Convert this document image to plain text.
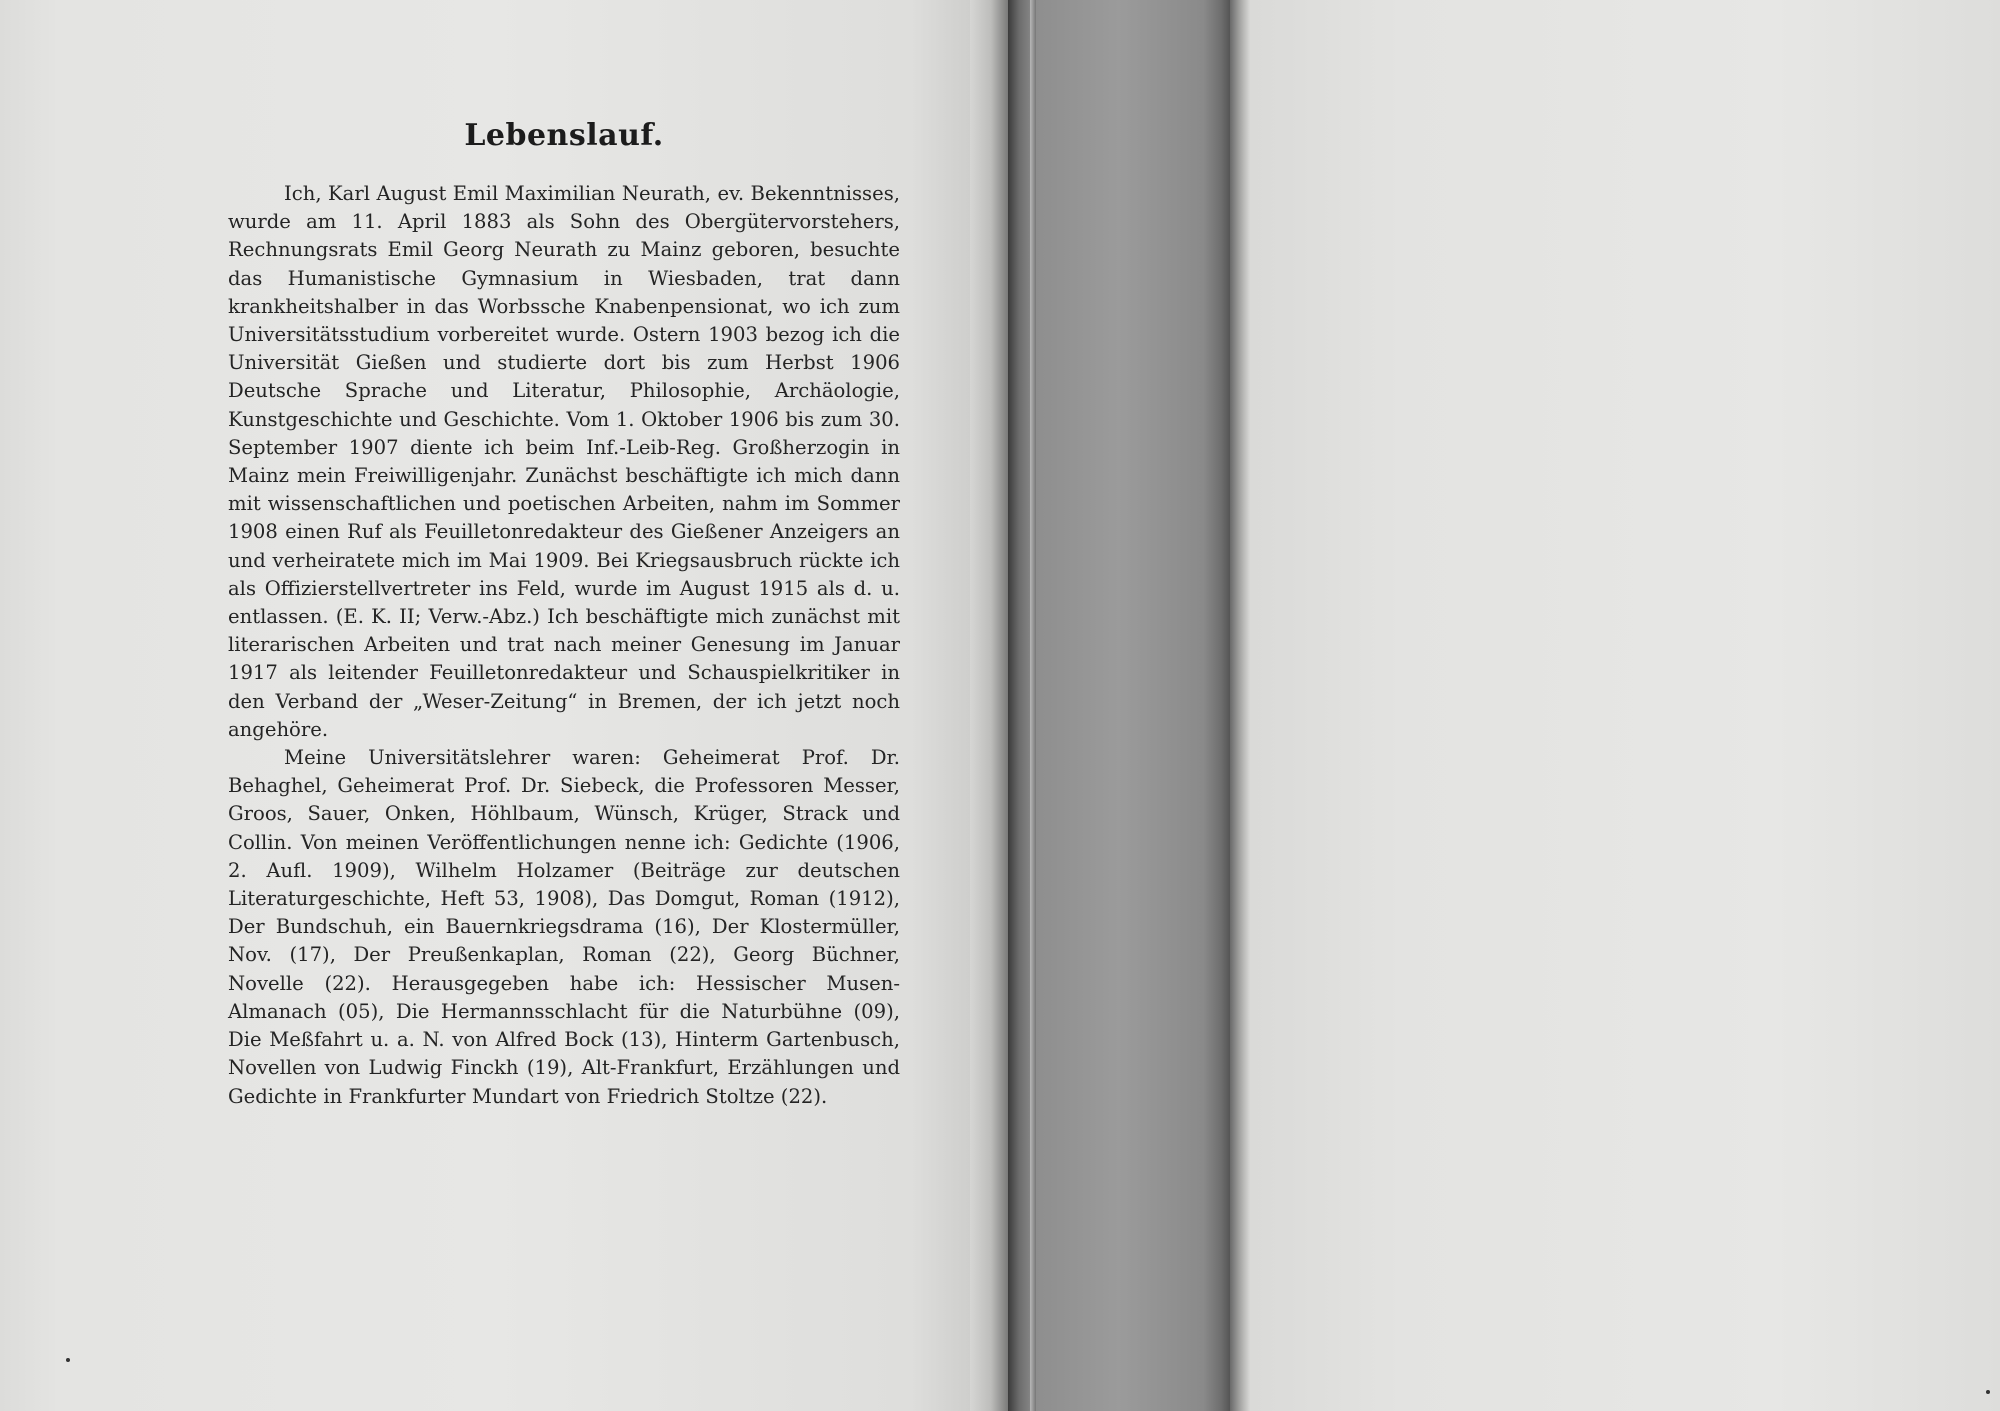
Lebenslauf.

Ich, Karl August Emil Maximilian Neurath, ev. Bekenntnisses, wurde am 11. April 1883 als Sohn des Obergütervorstehers, Rechnungsrats Emil Georg Neurath zu Mainz geboren, besuchte das Humanistische Gymnasium in Wiesbaden, trat dann krankheitshalber in das Worbssche Knabenpensionat, wo ich zum Universitätsstudium vorbereitet wurde. Ostern 1903 bezog ich die Universität Gießen und studierte dort bis zum Herbst 1906 Deutsche Sprache und Literatur, Philosophie, Archäologie, Kunstgeschichte und Geschichte. Vom 1. Oktober 1906 bis zum 30. September 1907 diente ich beim Inf.-Leib-Reg. Großherzogin in Mainz mein Freiwilligenjahr. Zunächst beschäftigte ich mich dann mit wissenschaftlichen und poetischen Arbeiten, nahm im Sommer 1908 einen Ruf als Feuilletonredakteur des Gießener Anzeigers an und verheiratete mich im Mai 1909. Bei Kriegsausbruch rückte ich als Offizierstellvertreter ins Feld, wurde im August 1915 als d. u. entlassen. (E. K. II; Verw.-Abz.) Ich beschäftigte mich zunächst mit literarischen Arbeiten und trat nach meiner Genesung im Januar 1917 als leitender Feuilletonredakteur und Schauspielkritiker in den Verband der „Weser-Zeitung“ in Bremen, der ich jetzt noch angehöre.

Meine Universitätslehrer waren: Geheimerat Prof. Dr. Behaghel, Geheimerat Prof. Dr. Siebeck, die Professoren Messer, Groos, Sauer, Onken, Höhlbaum, Wünsch, Krüger, Strack und Collin. Von meinen Veröffentlichungen nenne ich: Gedichte (1906, 2. Aufl. 1909), Wilhelm Holzamer (Beiträge zur deutschen Literaturgeschichte, Heft 53, 1908), Das Domgut, Roman (1912), Der Bundschuh, ein Bauernkriegsdrama (16), Der Klostermüller, Nov. (17), Der Preußenkaplan, Roman (22), Georg Büchner, Novelle (22). Herausgegeben habe ich: Hessischer Musen-Almanach (05), Die Hermannsschlacht für die Naturbühne (09), Die Meßfahrt u. a. N. von Alfred Bock (13), Hinterm Gartenbusch, Novellen von Ludwig Finckh (19), Alt-Frankfurt, Erzählungen und Gedichte in Frankfurter Mundart von Friedrich Stoltze (22).
